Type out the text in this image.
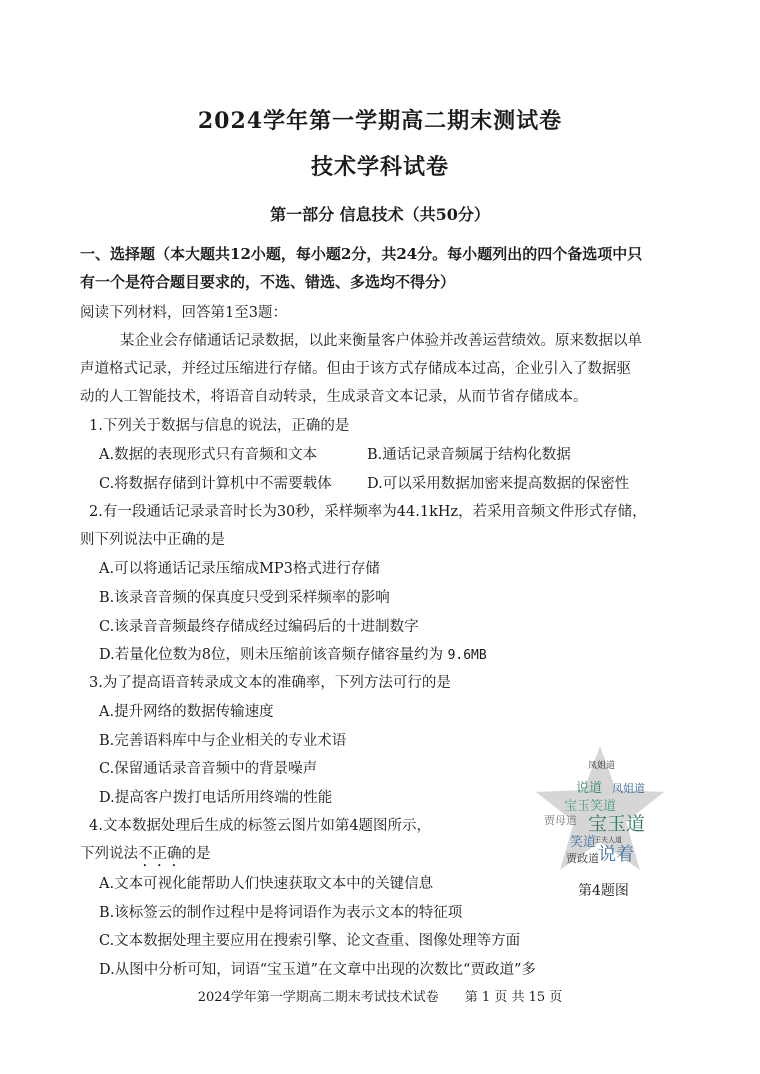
2024学年第一学期高二期末测试卷
技术学科试卷
第一部分 信息技术（共50分）
一、选择题（本大题共12小题，每小题2分，共24分。每小题列出的四个备选项中只
有一个是符合题目要求的，不选、错选、多选均不得分）
阅读下列材料，回答第1至3题：
某企业会存储通话记录数据，以此来衡量客户体验并改善运营绩效。原来数据以单
声道格式记录，并经过压缩进行存储。但由于该方式存储成本过高，企业引入了数据驱
动的人工智能技术，将语音自动转录，生成录音文本记录，从而节省存储成本。
1.下列关于数据与信息的说法，正确的是
A.数据的表现形式只有音频和文本	B.通话记录音频属于结构化数据
C.将数据存储到计算机中不需要载体 D.可以采用数据加密来提高数据的保密性
2.有一段通话记录录音时长为30秒，采样频率为44.1kHz，若采用音频文件形式存储，
则下列说法中正确的是
A.可以将通话记录压缩成MP3格式进行存储
B.该录音音频的保真度只受到采样频率的影响
C.该录音音频最终存储成经过编码后的十进制数字
D.若量化位数为8位，则未压缩前该音频存储容量约为 9.6MB
3.为了提高语音转录成文本的准确率，下列方法可行的是
A.提升网络的数据传输速度
B.完善语料库中与企业相关的专业术语
C.保留通话录音音频中的背景噪声
D.提高客户拨打电话所用终端的性能
4.文本数据处理后生成的标签云图片如第4题图所示，
下列说法不正确的是
A.文本可视化能帮助人们快速获取文本中的关键信息
B.该标签云的制作过程中是将词语作为表示文本的特征项
C.文本数据处理主要应用在搜索引擎、论文查重、图像处理等方面
D.从图中分析可知，词语“宝玉道”在文章中出现的次数比“贾政道”多
凤姐道
说道 凤姐道
宝玉笑道
贾母道 宝玉道
王夫人道
笑道
说着
贾政道
第4题图
2024学年第一学期高二期末考试技术试卷　　第 1 页 共 15 页
